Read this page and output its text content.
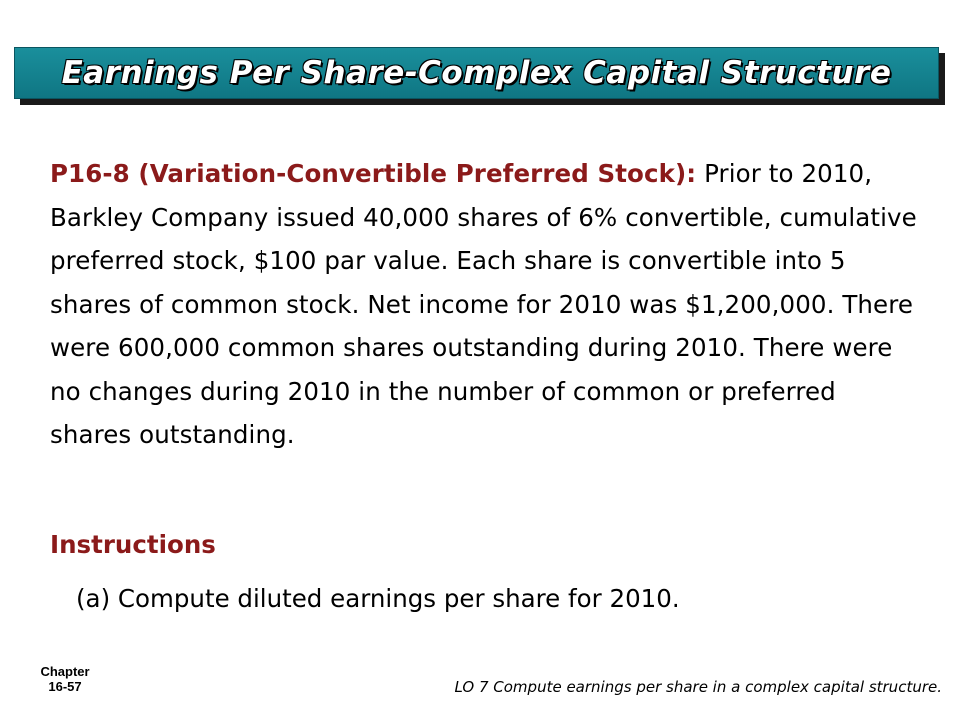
Earnings Per Share-Complex Capital Structure
P16-8 (Variation-Convertible Preferred Stock): Prior to 2010, Barkley Company issued 40,000 shares of 6% convertible, cumulative preferred stock, $100 par value. Each share is convertible into 5 shares of common stock. Net income for 2010 was $1,200,000. There were 600,000 common shares outstanding during 2010. There were no changes during 2010 in the number of common or preferred shares outstanding.
Instructions
(a) Compute diluted earnings per share for 2010.
Chapter
16-57	LO 7 Compute earnings per share in a complex capital structure.
